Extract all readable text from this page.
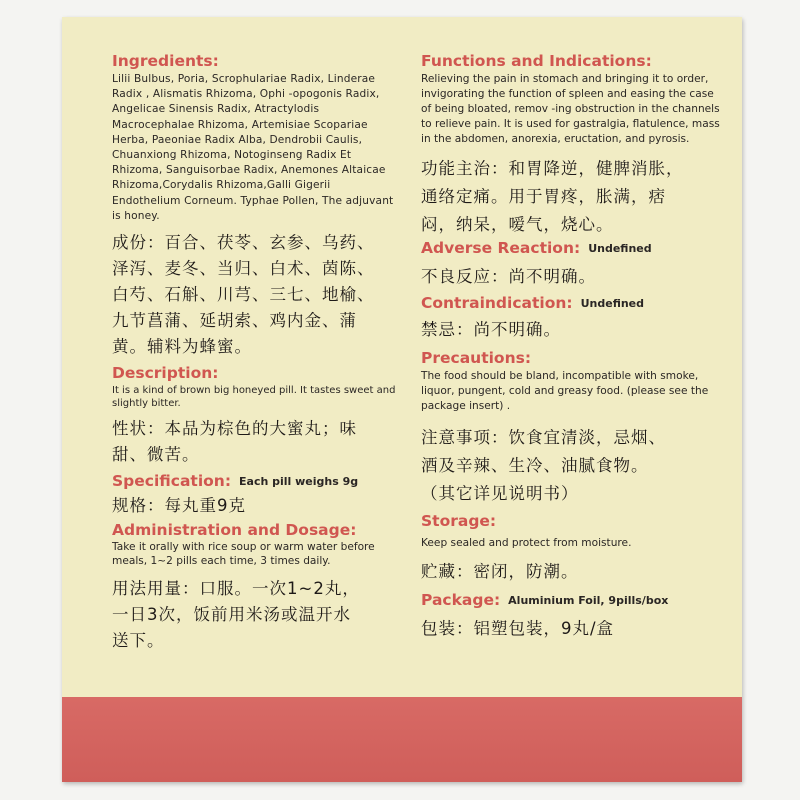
Ingredients:

Lilii Bulbus, Poria, Scrophulariae Radix, Linderae Radix , Alismatis Rhizoma, Ophi -opogonis Radix, Angelicae Sinensis Radix, Atractylodis Macrocephalae Rhizoma, Artemisiae Scopariae Herba, Paeoniae Radix Alba, Dendrobii Caulis, Chuanxiong Rhizoma, Notoginseng Radix Et Rhizoma, Sanguisorbae Radix, Anemones Altaicae Rhizoma,Corydalis Rhizoma,Galli Gigerii Endothelium Corneum. Typhae Pollen, The adjuvant is honey.

成份：百合、茯苓、玄参、乌药、
泽泻、麦冬、当归、白术、茵陈、
白芍、石斛、川芎、三七、地榆、
九节菖蒲、延胡索、鸡内金、蒲
黄。辅料为蜂蜜。

Description:

It is a kind of brown big honeyed pill. It tastes sweet and slightly bitter.

性状：本品为棕色的大蜜丸；味
甜、微苦。

Specification: Each pill weighs 9g

规格：每丸重9克

Administration and Dosage:

Take it orally with rice soup or warm water before meals, 1~2 pills each time, 3 times daily.

用法用量：口服。一次1~2丸，
一日3次，饭前用米汤或温开水
送下。

Functions and Indications:

Relieving the pain in stomach and bringing it to order, invigorating the function of spleen and easing the case of being bloated, remov -ing obstruction in the channels to relieve pain. It is used for gastralgia, flatulence, mass in the abdomen, anorexia, eructation, and pyrosis.

功能主治：和胃降逆，健脾消胀，
通络定痛。用于胃疼，胀满，痞
闷，纳呆，嗳气，烧心。

Adverse Reaction: Undefined

不良反应：尚不明确。

Contraindication: Undefined

禁忌：尚不明确。

Precautions:

The food should be bland, incompatible with smoke, liquor, pungent, cold and greasy food. (please see the package insert) .

注意事项：饮食宜清淡，忌烟、
酒及辛辣、生冷、油腻食物。
（其它详见说明书）

Storage:

Keep sealed and protect from moisture.

贮藏：密闭，防潮。

Package: Aluminium Foil, 9pills/box

包装：铝塑包装，9丸/盒
